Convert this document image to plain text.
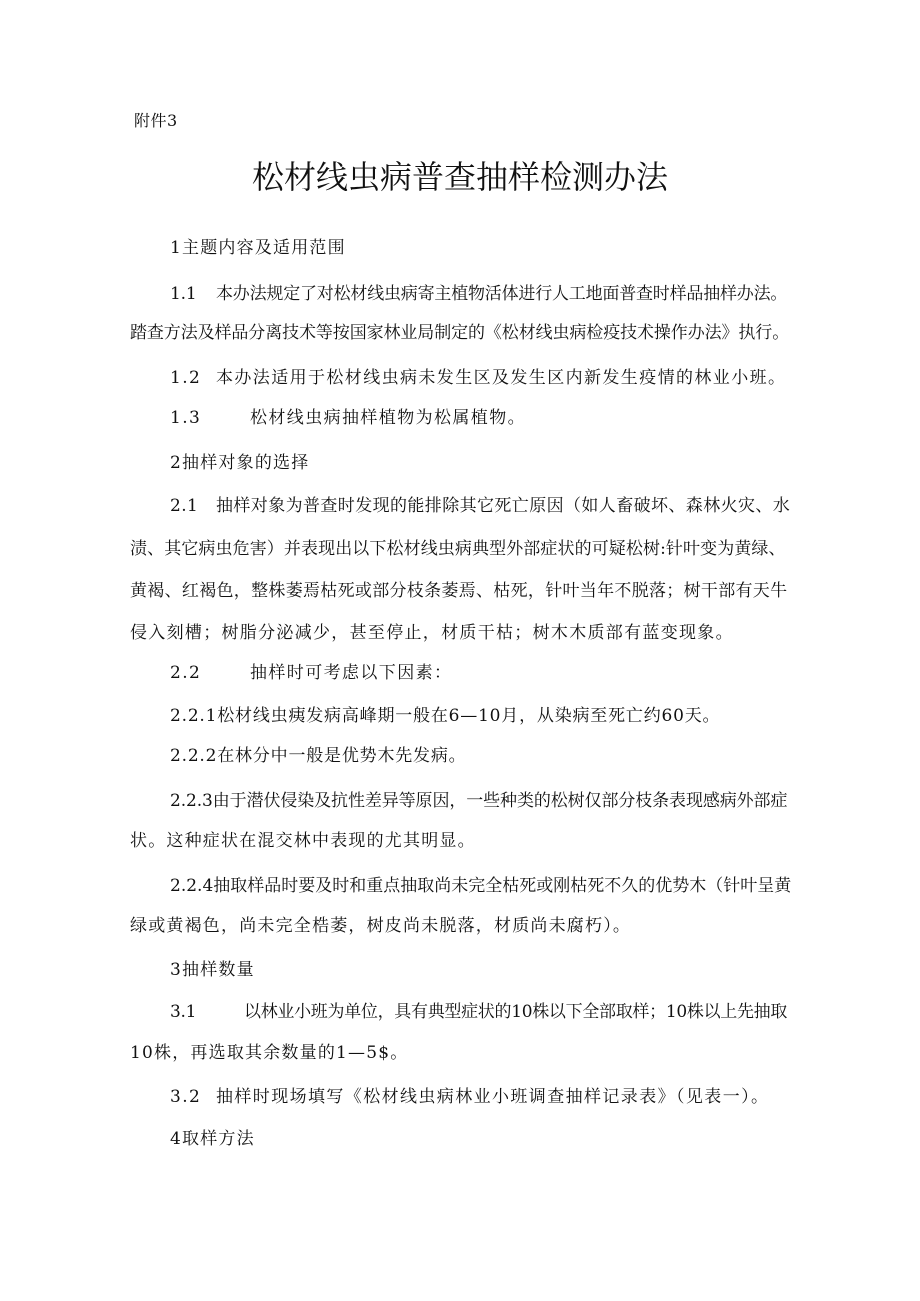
附件3

松材线虫病普查抽样检测办法

1主题内容及适用范围

1.1 本办法规定了对松材线虫病寄主植物活体进行人工地面普查时样品抽样办法。

踏查方法及样品分离技术等按国家林业局制定的《松材线虫病检疫技术操作办法》执行。

1.2 本办法适用于松材线虫病未发生区及发生区内新发生疫情的林业小班。

1.3	松材线虫病抽样植物为松属植物。

2抽样对象的选择

2.1 抽样对象为普查时发现的能排除其它死亡原因（如人畜破坏、森林火灾、水

渍、其它病虫危害）并表现出以下松材线虫病典型外部症状的可疑松树:针叶变为黄绿、

黄褐、红褐色，整株萎焉枯死或部分枝条萎焉、枯死，针叶当年不脱落；树干部有天牛

侵入刻槽；树脂分泌减少，甚至停止，材质干枯；树木木质部有蓝变现象。

2.2	抽样时可考虑以下因素：

2.2.1松材线虫痍发病高峰期一般在6—10月，从染病至死亡约60天。

2.2.2在林分中一般是优势木先发病。

2.2.3由于潜伏侵染及抗性差异等原因，一些种类的松树仅部分枝条表现感病外部症

状。这种症状在混交林中表现的尤其明显。

2.2.4抽取样品时要及时和重点抽取尚未完全枯死或刚枯死不久的优势木（针叶呈黄

绿或黄褐色，尚未完全梏萎，树皮尚未脱落，材质尚未腐朽）。

3抽样数量

3.1	以林业小班为单位，具有典型症状的10株以下全部取样；10株以上先抽取

10株，再选取其余数量的1—5$。

3.2 抽样时现场填写《松材线虫病林业小班调查抽样记录表》（见表一）。

4取样方法
